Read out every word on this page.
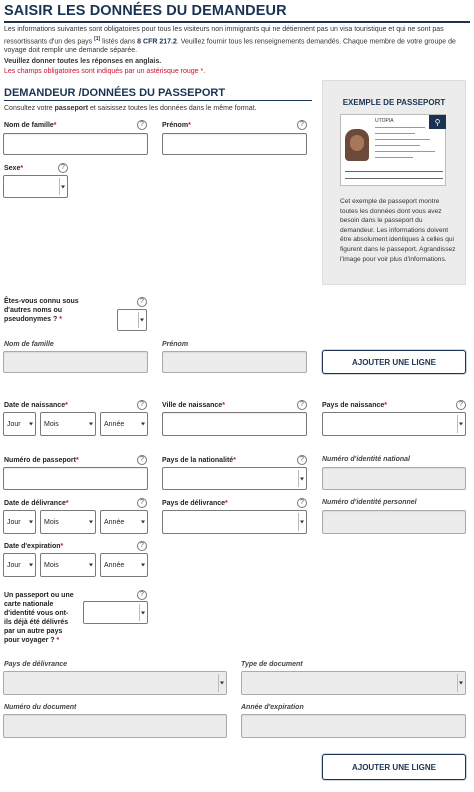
SAISIR LES DONNÉES DU DEMANDEUR
Les informations suivantes sont obligatoires pour tous les visiteurs non immigrants qui ne détiennent pas un visa touristique et qui ne sont pas ressortissants d'un des pays [1] listés dans 8 CFR 217.2. Veuillez fournir tous les renseignements demandés. Chaque membre de votre groupe de voyage doit remplir une demande séparée.
Veuillez donner toutes les réponses en anglais.
Les champs obligatoires sont indiqués par un astérisque rouge *.
DEMANDEUR /DONNÉES DU PASSEPORT
Consultez votre passeport et saisissez toutes les données dans le même format.
EXEMPLE DE PASSEPORT
UTOPIA	⚲
Cet exemple de passeport montre toutes les données dont vous avez besoin dans le passeport du demandeur. Les informations doivent être absolument identiques à celles qui figurent dans le passeport. Agrandissez l'image pour voir plus d'informations.
Nom de famille*	Prénom*
?	?
Sexe*	?
Êtes-vous connu sous d'autres noms ou pseudonymes ? *
?
Nom de famille	Prénom
AJOUTER UNE LIGNE
Date de naissance*	?	Ville de naissance*	?	Pays de naissance*	?
Jour	Mois	Année
Numéro de passeport*	?	Pays de la nationalité*	?	Numéro d'identité national
Date de délivrance*	?	Pays de délivrance*	?	Numéro d'identité personnel
Jour	Mois	Année
Date d'expiration*	?
Jour	Mois	Année
Un passeport ou une carte nationale d'identité vous ont-ils déjà été délivrés par un autre pays pour voyager ? *
?
Pays de délivrance	Type de document
Numéro du document	Année d'expiration
AJOUTER UNE LIGNE
